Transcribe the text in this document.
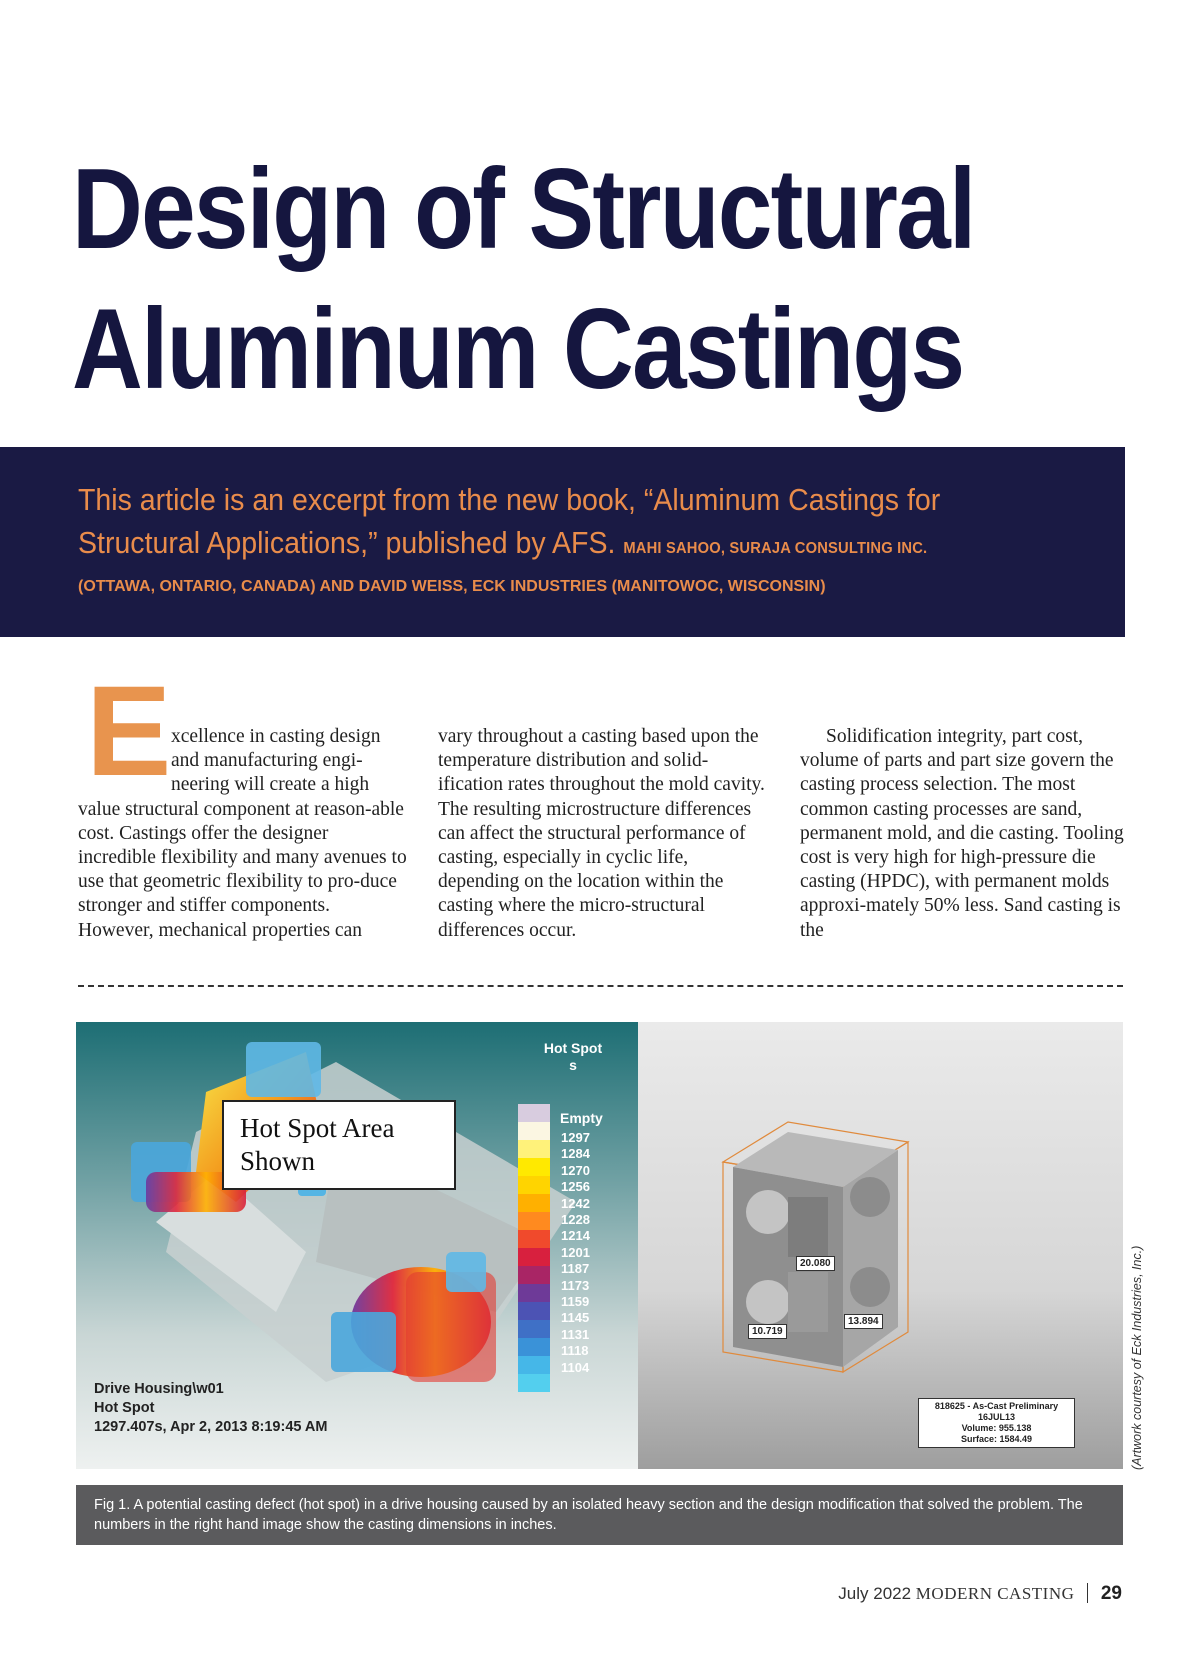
Design of Structural
Aluminum Castings
This article is an excerpt from the new book, “Aluminum Castings for Structural Applications,” published by AFS. MAHI SAHOO, SURAJA CONSULTING INC.
(OTTAWA, ONTARIO, CANADA) AND DAVID WEISS, ECK INDUSTRIES (MANITOWOC, WISCONSIN)
E xcellence in casting design and manufacturing engi-neering will create a high
value structural component at reason-able cost. Castings offer the designer incredible flexibility and many avenues to use that geometric flexibility to pro-duce stronger and stiffer components. However, mechanical properties can
vary throughout a casting based upon the temperature distribution and solid-ification rates throughout the mold cavity. The resulting microstructure differences can affect the structural performance of casting, especially in cyclic life, depending on the location within the casting where the micro-structural differences occur.
Solidification integrity, part cost, volume of parts and part size govern the casting process selection. The most common casting processes are sand, permanent mold, and die casting. Tooling cost is very high for high-pressure die casting (HPDC), with permanent molds approxi-mately 50% less. Sand casting is the
Hot Spot Area
Shown
Hot Spot
s
Empty
1297
1284
1270
1256
1242
1228
1214
1201
1187
1173
1159
1145
1131
1118
1104
Drive Housing\w01
Hot Spot
1297.407s, Apr 2, 2013 8:19:45 AM
20.080
10.719
13.894
818625 - As-Cast Preliminary 16JUL13
Volume: 955.138
Surface: 1584.49	(Artwork courtesy of Eck Industries, Inc.)
Fig 1. A potential casting defect (hot spot) in a drive housing caused by an isolated heavy section and the design modification that solved the problem. The numbers in the right hand image show the casting dimensions in inches.
July 2022 MODERN CASTING 29
